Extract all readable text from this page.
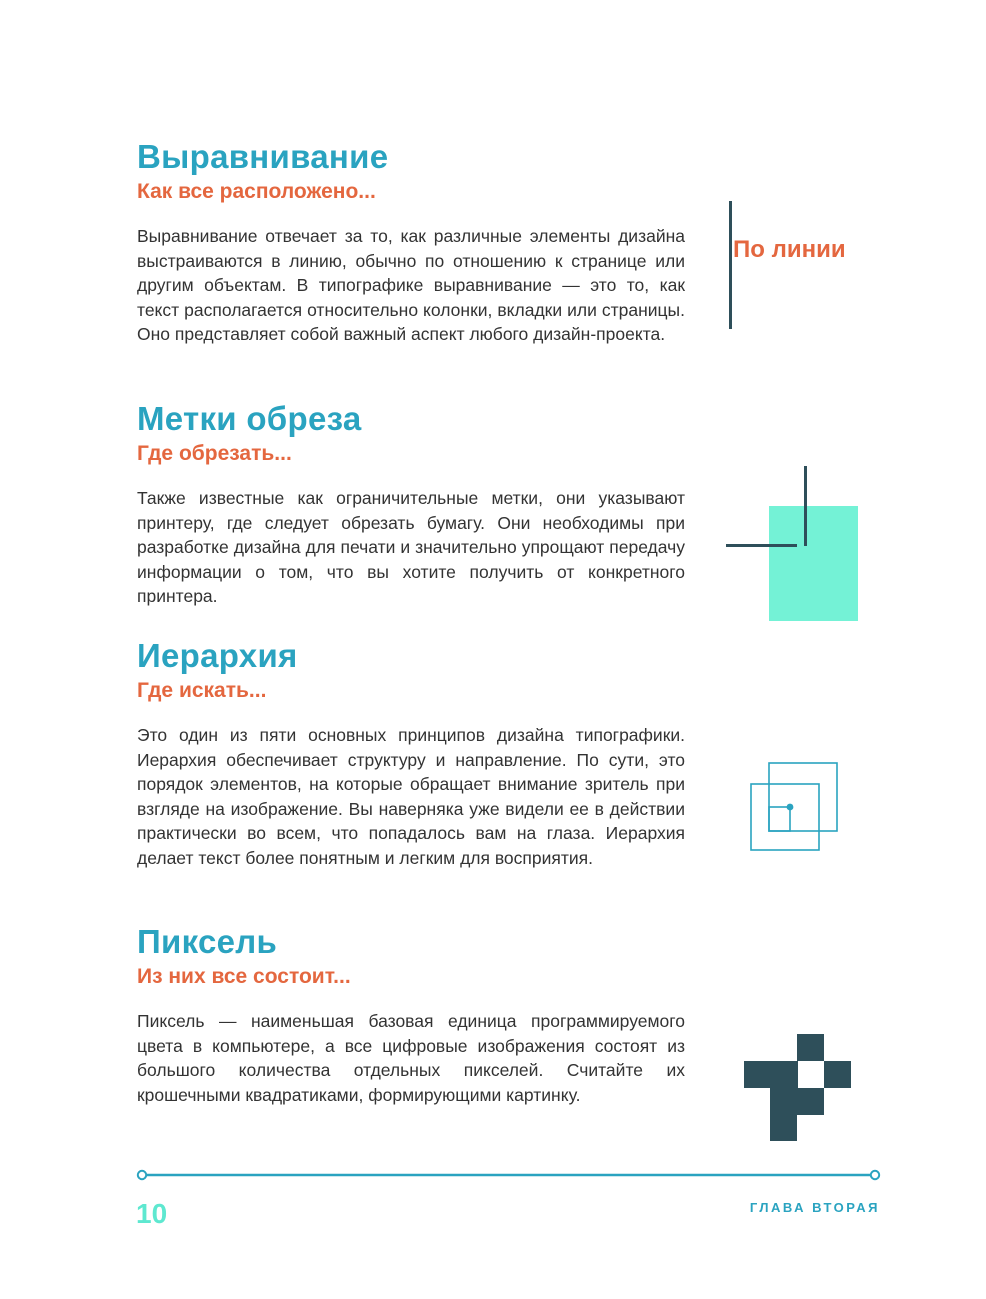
Выравнивание
Как все расположено...

Выравнивание отвечает за то, как различные элементы дизайна выстраиваются в линию, обычно по отношению к странице или другим объектам. В типографике выравнивание — это то, как текст располагается относительно колонки, вкладки или страницы. Оно представляет собой важный аспект любого дизайн-проекта.

Метки обреза
Где обрезать...

Также известные как ограничительные метки, они указывают принтеру, где следует обрезать бумагу. Они необходимы при разработке дизайна для печати и значительно упрощают передачу информации о том, что вы хотите получить от конкретного принтера.

Иерархия
Где искать...

Это один из пяти основных принципов дизайна типографики. Иерархия обеспечивает структуру и направление. По сути, это порядок элементов, на которые обращает внимание зритель при взгляде на изображение. Вы наверняка уже видели ее в действии практически во всем, что попадалось вам на глаза. Иерархия делает текст более понятным и легким для восприятия.

Пиксель
Из них все состоит...

Пиксель — наименьшая базовая единица программируемого цвета в компьютере, а все цифровые изображения состоят из большого количества отдельных пикселей. Считайте их крошечными квадратиками, формирующими картинку.

По линии
10	ГЛАВА ВТОРАЯ
